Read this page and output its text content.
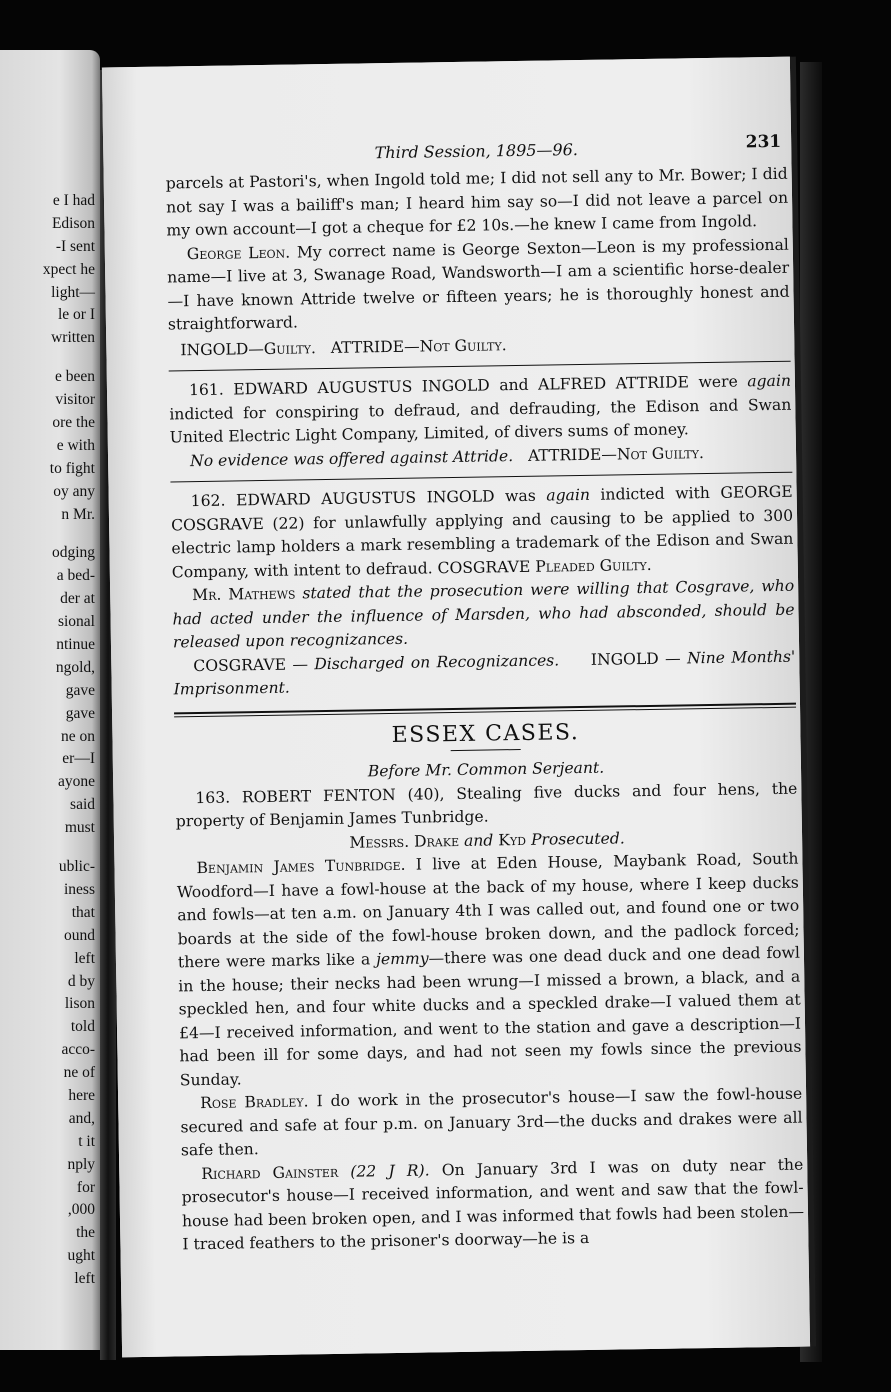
e I had
Edison
-I sent
xpect he
light—
le or I
written
e been
visitor
ore the
e with
to fight
oy any
n Mr.
odging
a bed-
der at
sional
ntinue
ngold,
gave
gave
ne on
er—I
ayone
said
must
ublic-
iness
that
ound
left
d by
lison
told
acco-
ne of
here
and,
t it
nply
for
,000
the
ught
left
Third Session, 1895—96.	231

parcels at Pastori's, when Ingold told me; I did not sell any to Mr. Bower; I did not say I was a bailiff's man; I heard him say so—I did not leave a parcel on my own account—I got a cheque for £2 10s.—he knew I came from Ingold.

George Leon. My correct name is George Sexton—Leon is my professional name—I live at 3, Swanage Road, Wandsworth—I am a scientific horse-dealer—I have known Attride twelve or fifteen years; he is thoroughly honest and straightforward.

INGOLD—Guilty. ATTRIDE—Not Guilty.

161. EDWARD AUGUSTUS INGOLD and ALFRED ATTRIDE were again indicted for conspiring to defraud, and defrauding, the Edison and Swan United Electric Light Company, Limited, of divers sums of money.

No evidence was offered against Attride. ATTRIDE—Not Guilty.

162. EDWARD AUGUSTUS INGOLD was again indicted with GEORGE COSGRAVE (22) for unlawfully applying and causing to be applied to 300 electric lamp holders a mark resembling a trademark of the Edison and Swan Company, with intent to defraud. COSGRAVE Pleaded Guilty.

Mr. Mathews stated that the prosecution were willing that Cosgrave, who had acted under the influence of Marsden, who had absconded, should be released upon recognizances.

COSGRAVE — Discharged on Recognizances. INGOLD — Nine Months' Imprisonment.

ESSEX CASES.

Before Mr. Common Serjeant.

163. ROBERT FENTON (40), Stealing five ducks and four hens, the property of Benjamin James Tunbridge.

Messrs. Drake and Kyd Prosecuted.

Benjamin James Tunbridge. I live at Eden House, Maybank Road, South Woodford—I have a fowl-house at the back of my house, where I keep ducks and fowls—at ten a.m. on January 4th I was called out, and found one or two boards at the side of the fowl-house broken down, and the padlock forced; there were marks like a jemmy—there was one dead duck and one dead fowl in the house; their necks had been wrung—I missed a brown, a black, and a speckled hen, and four white ducks and a speckled drake—I valued them at £4—I received information, and went to the station and gave a description—I had been ill for some days, and had not seen my fowls since the previous Sunday.

Rose Bradley. I do work in the prosecutor's house—I saw the fowl-house secured and safe at four p.m. on January 3rd—the ducks and drakes were all safe then.

Richard Gainster (22 J R). On January 3rd I was on duty near the prosecutor's house—I received information, and went and saw that the fowl-house had been broken open, and I was informed that fowls had been stolen—I traced feathers to the prisoner's doorway—he is a
